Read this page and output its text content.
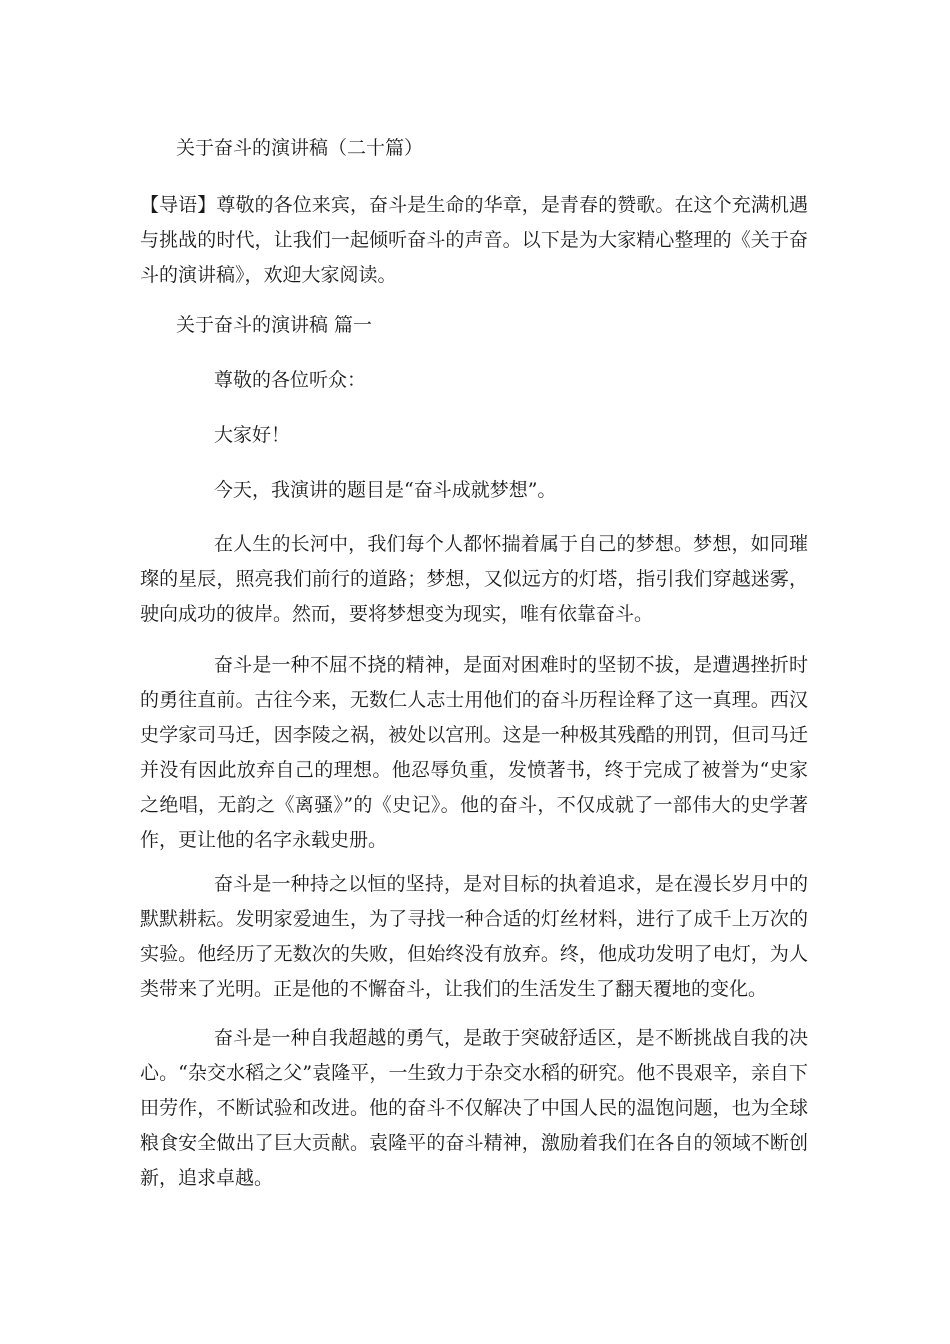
关于奋斗的演讲稿（二十篇）

【导语】尊敬的各位来宾，奋斗是生命的华章，是青春的赞歌。在这个充满机遇与挑战的时代，让我们一起倾听奋斗的声音。以下是为大家精心整理的《关于奋斗的演讲稿》，欢迎大家阅读。

关于奋斗的演讲稿 篇一

尊敬的各位听众：

大家好！

今天，我演讲的题目是“奋斗成就梦想”。

在人生的长河中，我们每个人都怀揣着属于自己的梦想。梦想，如同璀璨的星辰，照亮我们前行的道路；梦想，又似远方的灯塔，指引我们穿越迷雾，驶向成功的彼岸。然而，要将梦想变为现实，唯有依靠奋斗。

奋斗是一种不屈不挠的精神，是面对困难时的坚韧不拔，是遭遇挫折时的勇往直前。古往今来，无数仁人志士用他们的奋斗历程诠释了这一真理。西汉史学家司马迁，因李陵之祸，被处以宫刑。这是一种极其残酷的刑罚，但司马迁并没有因此放弃自己的理想。他忍辱负重，发愤著书，终于完成了被誉为“史家之绝唱，无韵之《离骚》”的《史记》。他的奋斗，不仅成就了一部伟大的史学著作，更让他的名字永载史册。

奋斗是一种持之以恒的坚持，是对目标的执着追求，是在漫长岁月中的默默耕耘。发明家爱迪生，为了寻找一种合适的灯丝材料，进行了成千上万次的实验。他经历了无数次的失败，但始终没有放弃。终，他成功发明了电灯，为人类带来了光明。正是他的不懈奋斗，让我们的生活发生了翻天覆地的变化。

奋斗是一种自我超越的勇气，是敢于突破舒适区，是不断挑战自我的决心。“杂交水稻之父”袁隆平，一生致力于杂交水稻的研究。他不畏艰辛，亲自下田劳作，不断试验和改进。他的奋斗不仅解决了中国人民的温饱问题，也为全球粮食安全做出了巨大贡献。袁隆平的奋斗精神，激励着我们在各自的领域不断创新，追求卓越。
